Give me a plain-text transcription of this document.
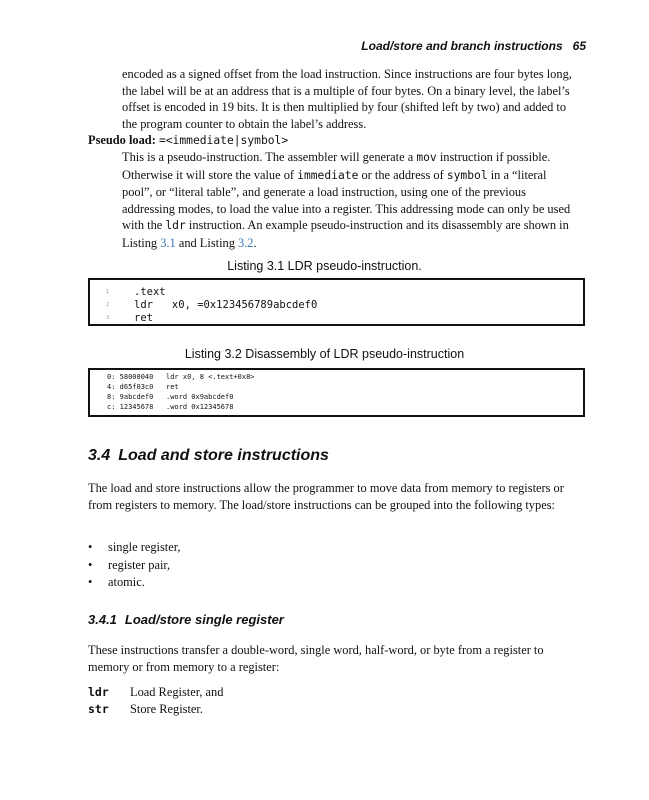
Load/store and branch instructions 65

encoded as a signed offset from the load instruction. Since instructions are four bytes long, the label will be at an address that is a multiple of four bytes. On a binary level, the label’s offset is encoded in 19 bits. It is then multiplied by four (shifted left by two) and added to the program counter to obtain the label’s address.

Pseudo load: =<immediate|symbol>

This is a pseudo-instruction. The assembler will generate a mov instruction if possible. Otherwise it will store the value of immediate or the address of symbol in a “literal pool”, or “literal table”, and generate a load instruction, using one of the previous addressing modes, to load the value into a register. This addressing mode can only be used with the ldr instruction. An example pseudo-instruction and its disassembly are shown in Listing 3.1 and Listing 3.2.

Listing 3.1 LDR pseudo-instruction.
1 .text
2 ldr   x0, =0x123456789abcdef0
3 ret
Listing 3.2 Disassembly of LDR pseudo-instruction
0: 58000040   ldr x0, 8 <.text+0x8>
4: d65f03c0   ret
8: 9abcdef0   .word 0x9abcdef0
c: 12345678   .word 0x12345678
3.4 Load and store instructions
The load and store instructions allow the programmer to move data from memory to registers or from registers to memory. The load/store instructions can be grouped into the following types:
• single register,
• register pair,
• atomic.
3.4.1 Load/store single register
These instructions transfer a double-word, single word, half-word, or byte from a register to memory or from memory to a register:
ldr Load Register, and
str Store Register.
